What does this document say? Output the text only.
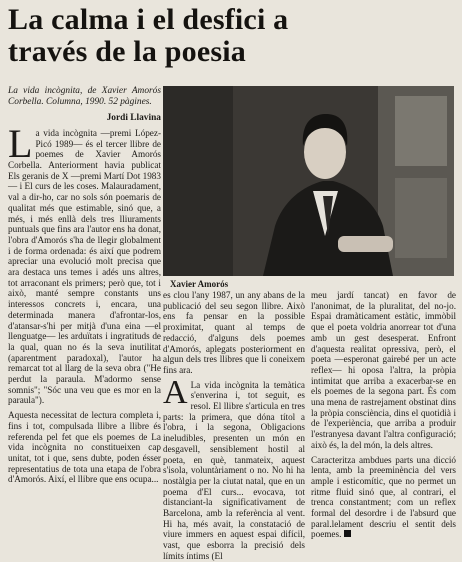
La calma i el desfici a
través de la poesia
La vida incògnita, de Xavier Amorós Corbella. Columna, 1990. 52 pàgines.
Jordi Llavina

L a vida incògnita —premi López-Picó 1989— és el tercer llibre de poemes de Xavier Amorós Corbella. Anteriorment havia publicat Els geranis de X —premi Martí Dot 1983— i El curs de les coses. Malauradament, val a dir-ho, car no sols són poemaris de qualitat més que estimable, sinó que, a més, i més enllà dels tres lliuraments puntuals que fins ara l'autor ens ha donat, l'obra d'Amorós s'ha de llegir globalment i de forma ordenada: és així que podrem apreciar una evolució molt precisa que ara destaca uns temes i adés uns altres, tot arraconant els primers; però que, tot i això, manté sempre constants uns interessos concrets i, encara, una determinada manera d'afrontar-los, d'atansar-s'hi per mitjà d'una eina —el llenguatge— les arduïtats i ingratituds de la qual, quan no és la seva inutilitat (aparentment paradoxal), l'autor ha remarcat tot al llarg de la seva obra ("He perdut la paraula. M'adormo sense somnis"; "Sóc una veu que es mor en la paraula").

Aquesta necessitat de lectura completa i, fins i tot, compulsada llibre a llibre és referenda pel fet que els poemes de La vida incògnita no constitueixen cap unitat, tot i que, sens dubte, poden ésser representatius de tota una etapa de l'obra d'Amorós. Així, el llibre que ens ocupa...

Xavier Amorós

es clou l'any 1987, un any abans de la publicació del seu segon llibre. Això ens fa pensar en la possible proximitat, quant al temps de redacció, d'alguns dels poemes d'Amorós, aplegats posteriorment en algun dels tres llibres que li coneixem fins ara.

A La vida incògnita la temàtica s'enverina i, tot seguit, es resol. El llibre s'articula en tres parts: la primera, que dóna títol a l'obra, i la segona, Obligacions ineludibles, presenten un món en desgavell, sensiblement hostil al poeta, en què, tanmateix, aquest s'isola, voluntàriament o no. No hi ha nostàlgia per la ciutat natal, que en un poema d'El curs... evocava, tot distanciant-la significativament de Barcelona, amb la referència al vent. Hi ha, més avait, la constatació de viure immers en aquest espai difícil, vast, que esborra la precisió dels límits íntims (El

meu jardí tancat) en favor de l'anonimat, de la pluralitat, del no-jo. Espai dramàticament estàtic, immòbil que el poeta voldria anorrear tot d'una amb un gest desesperat. Enfront d'aquesta realitat opressiva, però, el poeta —esperonat gairebé per un acte reflex— hi oposa l'altra, la pròpia intimitat que arriba a exacerbar-se en els poemes de la segona part. És com una mena de rastrejament obstinat dins la pròpia consciència, dins el quotidià i de l'experiència, que arriba a produir l'estranyesa davant l'altra configuració; això és, la del món, la dels altres.

Caracteritza ambdues parts una dicció lenta, amb la preeminència del vers ample i esticomític, que no permet un ritme fluid sinó que, al contrari, el trenca constantment; com un reflex formal del desordre i de l'absurd que paral.lelament descriu el sentit dels poemes.
